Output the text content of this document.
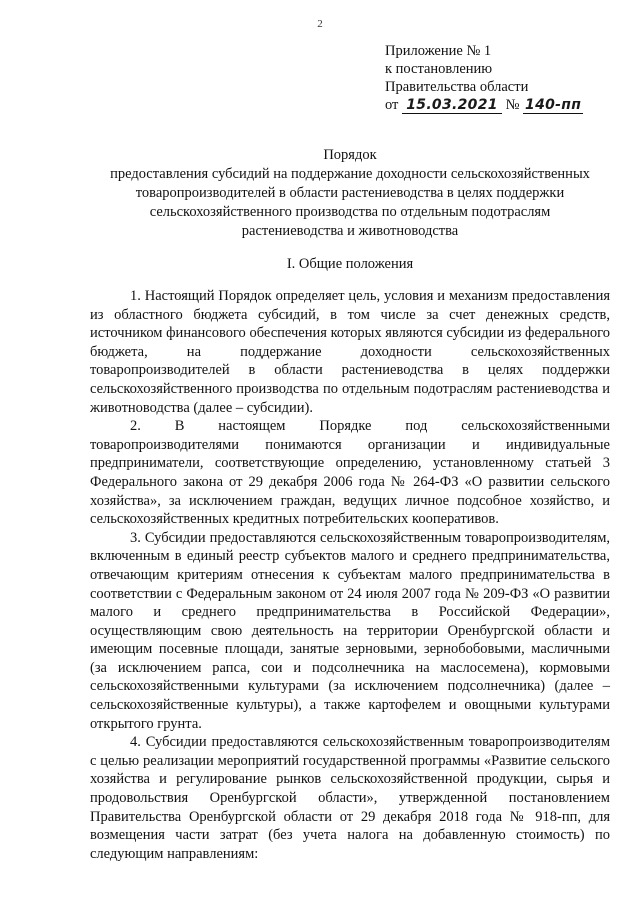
2
Приложение № 1
к постановлению
Правительства области
от 15.03.2021 № 140-пп
Порядок
предоставления субсидий на поддержание доходности сельскохозяйственных
товаропроизводителей в области растениеводства в целях поддержки
сельскохозяйственного производства по отдельным подотраслям
растениеводства и животноводства
I. Общие положения

1. Настоящий Порядок определяет цель, условия и механизм предоставления из областного бюджета субсидий, в том числе за счет денежных средств, источником финансового обеспечения которых являются субсидии из федерального бюджета, на поддержание доходности сельскохозяйственных товаропроизводителей в области растениеводства в целях поддержки сельскохозяйственного производства по отдельным подотраслям растениеводства и животноводства (далее – субсидии).

2. В настоящем Порядке под сельскохозяйственными товаропроизводителями понимаются организации и индивидуальные предприниматели, соответствующие определению, установленному статьей 3 Федерального закона от 29 декабря 2006 года № 264-ФЗ «О развитии сельского хозяйства», за исключением граждан, ведущих личное подсобное хозяйство, и сельскохозяйственных кредитных потребительских кооперативов.

3. Субсидии предоставляются сельскохозяйственным товаропроизводителям, включенным в единый реестр субъектов малого и среднего предпринимательства, отвечающим критериям отнесения к субъектам малого предпринимательства в соответствии с Федеральным законом от 24 июля 2007 года № 209-ФЗ «О развитии малого и среднего предпринимательства в Российской Федерации», осуществляющим свою деятельность на территории Оренбургской области и имеющим посевные площади, занятые зерновыми, зернобобовыми, масличными (за исключением рапса, сои и подсолнечника на маслосемена), кормовыми сельскохозяйственными культурами (за исключением подсолнечника) (далее – сельскохозяйственные культуры), а также картофелем и овощными культурами открытого грунта.

4. Субсидии предоставляются сельскохозяйственным товаропроизводителям с целью реализации мероприятий государственной программы «Развитие сельского хозяйства и регулирование рынков сельскохозяйственной продукции, сырья и продовольствия Оренбургской области», утвержденной постановлением Правительства Оренбургской области от 29 декабря 2018 года № 918-пп, для возмещения части затрат (без учета налога на добавленную стоимость) по следующим направлениям:
